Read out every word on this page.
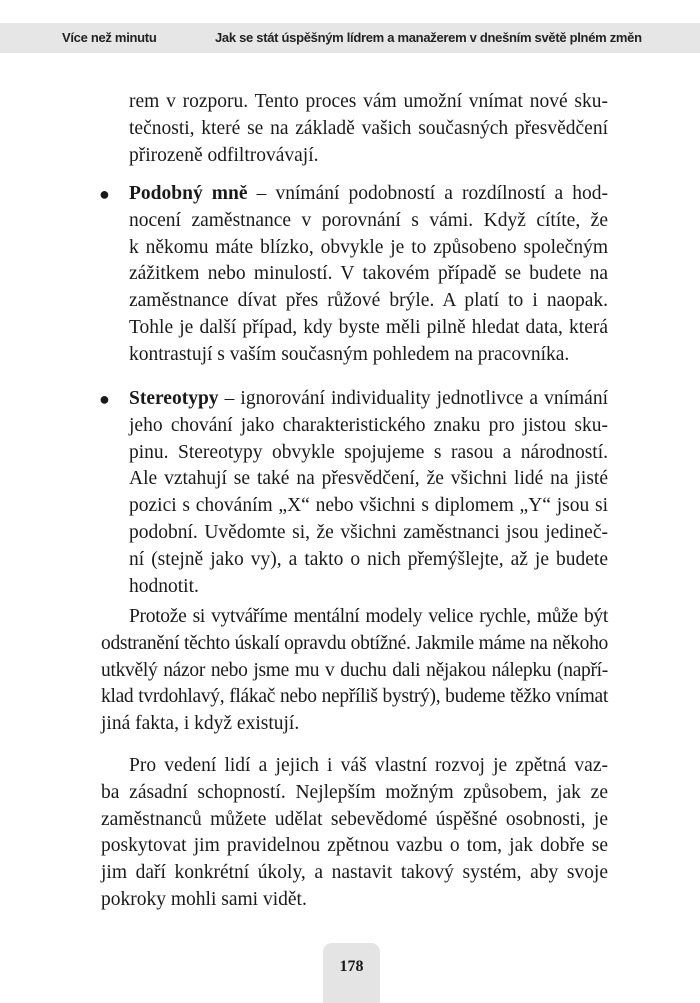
Více než minutu	Jak se stát úspěšným lídrem a manažerem v dnešním světě plném změn
rem v rozporu. Tento proces vám umožní vnímat nové sku-
tečnosti, které se na základě vašich současných přesvědčení
přirozeně odfiltrovávají.
● Podobný mně – vnímání podobností a rozdílností a hod-
nocení zaměstnance v porovnání s vámi. Když cítíte, že
k někomu máte blízko, obvykle je to způsobeno společným
zážitkem nebo minulostí. V takovém případě se budete na
zaměstnance dívat přes růžové brýle. A platí to i naopak.
Tohle je další případ, kdy byste měli pilně hledat data, která
kontrastují s vaším současným pohledem na pracovníka.
● Stereotypy – ignorování individuality jednotlivce a vnímání
jeho chování jako charakteristického znaku pro jistou sku-
pinu. Stereotypy obvykle spojujeme s rasou a národností.
Ale vztahují se také na přesvědčení, že všichni lidé na jisté
pozici s chováním „X“ nebo všichni s diplomem „Y“ jsou si
podobní. Uvědomte si, že všichni zaměstnanci jsou jedineč-
ní (stejně jako vy), a takto o nich přemýšlejte, až je budete
hodnotit.
Protože si vytváříme mentální modely velice rychle, může být
odstranění těchto úskalí opravdu obtížné. Jakmile máme na někoho
utkvělý názor nebo jsme mu v duchu dali nějakou nálepku (napří-
klad tvrdohlavý, flákač nebo nepříliš bystrý), budeme těžko vnímat
jiná fakta, i když existují.
Pro vedení lidí a jejich i váš vlastní rozvoj je zpětná vaz-
ba zásadní schopností. Nejlepším možným způsobem, jak ze
zaměstnanců můžete udělat sebevědomé úspěšné osobnosti, je
poskytovat jim pravidelnou zpětnou vazbu o tom, jak dobře se
jim daří konkrétní úkoly, a nastavit takový systém, aby svoje
pokroky mohli sami vidět.
178
